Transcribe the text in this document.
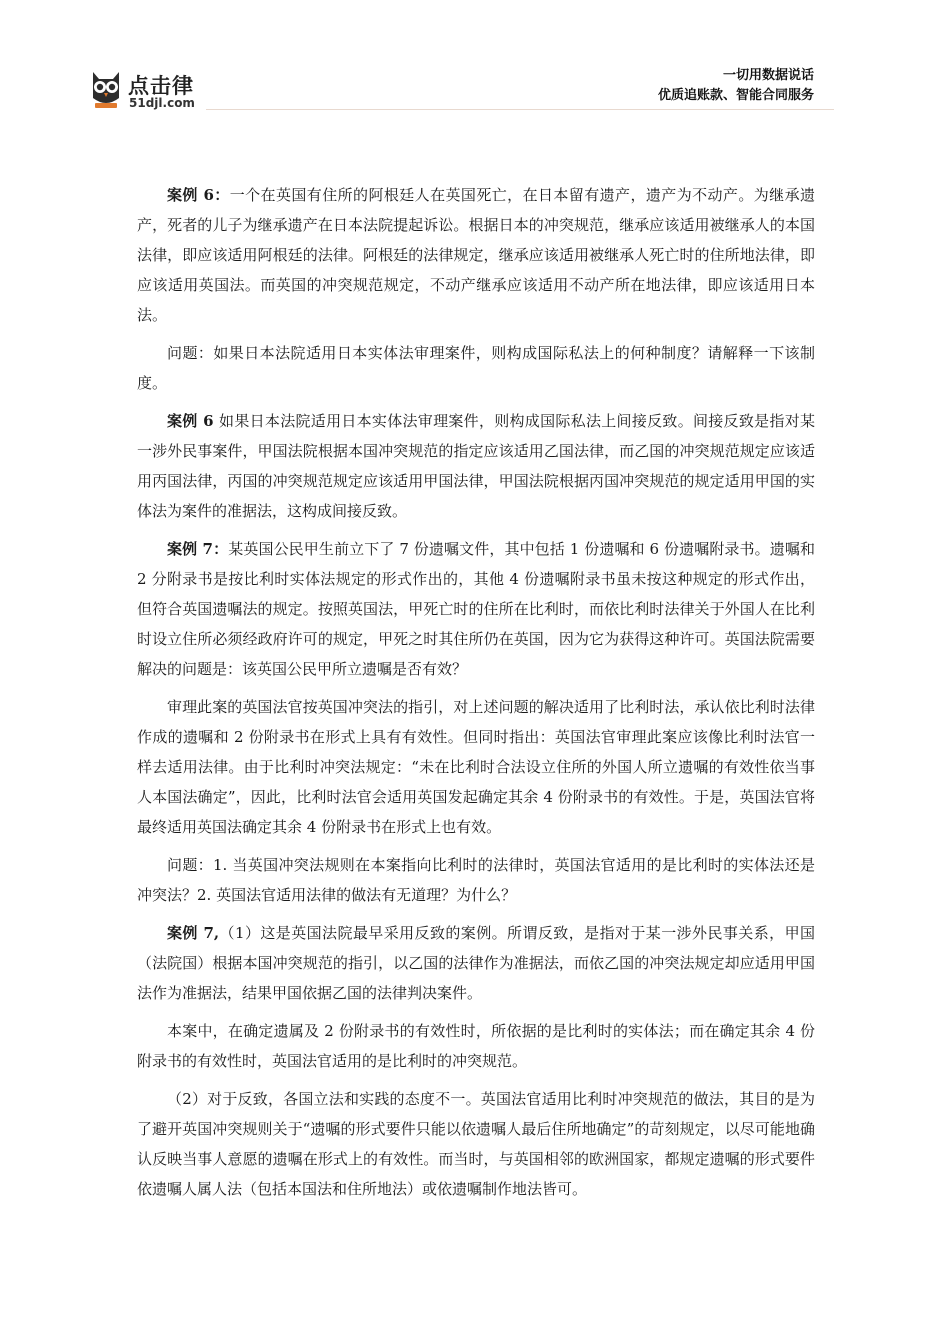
点击律
51djl.com
一切用数据说话
优质追账款、智能合同服务

案例 6：一个在英国有住所的阿根廷人在英国死亡，在日本留有遗产，遗产为不动产。为继承遗产，死者的儿子为继承遗产在日本法院提起诉讼。根据日本的冲突规范，继承应该适用被继承人的本国法律，即应该适用阿根廷的法律。阿根廷的法律规定，继承应该适用被继承人死亡时的住所地法律，即应该适用英国法。而英国的冲突规范规定，不动产继承应该适用不动产所在地法律，即应该适用日本法。

问题：如果日本法院适用日本实体法审理案件，则构成国际私法上的何种制度？请解释一下该制度。

案例 6 如果日本法院适用日本实体法审理案件，则构成国际私法上间接反致。间接反致是指对某一涉外民事案件，甲国法院根据本国冲突规范的指定应该适用乙国法律，而乙国的冲突规范规定应该适用丙国法律，丙国的冲突规范规定应该适用甲国法律，甲国法院根据丙国冲突规范的规定适用甲国的实体法为案件的准据法，这构成间接反致。

案例 7：某英国公民甲生前立下了 7 份遗嘱文件，其中包括 1 份遗嘱和 6 份遗嘱附录书。遗嘱和 2 分附录书是按比利时实体法规定的形式作出的，其他 4 份遗嘱附录书虽未按这种规定的形式作出，但符合英国遗嘱法的规定。按照英国法，甲死亡时的住所在比利时，而依比利时法律关于外国人在比利时设立住所必须经政府许可的规定，甲死之时其住所仍在英国，因为它为获得这种许可。英国法院需要解决的问题是：该英国公民甲所立遗嘱是否有效？

审理此案的英国法官按英国冲突法的指引，对上述问题的解决适用了比利时法，承认依比利时法律作成的遗嘱和 2 份附录书在形式上具有有效性。但同时指出：英国法官审理此案应该像比利时法官一样去适用法律。由于比利时冲突法规定：“未在比利时合法设立住所的外国人所立遗嘱的有效性依当事人本国法确定”，因此，比利时法官会适用英国发起确定其余 4 份附录书的有效性。于是，英国法官将最终适用英国法确定其余 4 份附录书在形式上也有效。

问题：1. 当英国冲突法规则在本案指向比利时的法律时，英国法官适用的是比利时的实体法还是冲突法？2. 英国法官适用法律的做法有无道理？为什么？

案例 7,（1）这是英国法院最早采用反致的案例。所谓反致，是指对于某一涉外民事关系，甲国（法院国）根据本国冲突规范的指引，以乙国的法律作为准据法，而依乙国的冲突法规定却应适用甲国法作为准据法，结果甲国依据乙国的法律判决案件。

本案中，在确定遗属及 2 份附录书的有效性时，所依据的是比利时的实体法；而在确定其余 4 份附录书的有效性时，英国法官适用的是比利时的冲突规范。

（2）对于反致，各国立法和实践的态度不一。英国法官适用比利时冲突规范的做法，其目的是为了避开英国冲突规则关于“遗嘱的形式要件只能以依遗嘱人最后住所地确定”的苛刻规定，以尽可能地确认反映当事人意愿的遗嘱在形式上的有效性。而当时，与英国相邻的欧洲国家，都规定遗嘱的形式要件依遗嘱人属人法（包括本国法和住所地法）或依遗嘱制作地法皆可。
